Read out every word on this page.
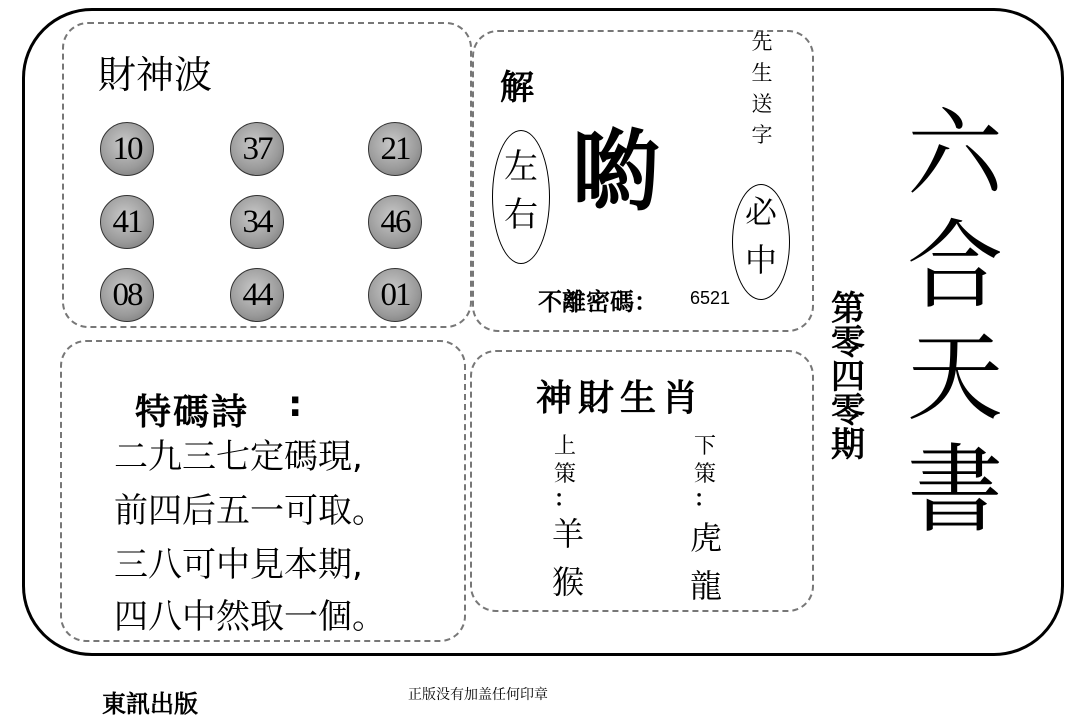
財神波
10	37	21
41	34	46
08	44	01
解
左
右 喲
先
生
送
字
必
中
不離密碼： 6521
特碼詩 :
二九三七定碼現,
前四后五一可取。
三八可中見本期,
四八中然取一個。
神財生肖
上
策
：
羊
猴
下
策
：
虎
龍
第
零
四
零
期
六
合
天
書
東訊出版	正版没有加盖任何印章
